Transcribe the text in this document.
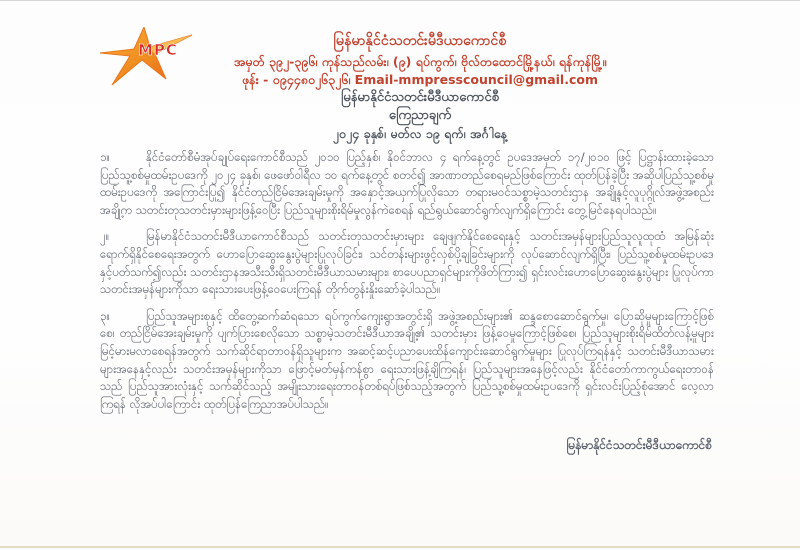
MPC	မြန်မာနိုင်ငံသတင်းမီဒီယာကောင်စီ
အမှတ် ၃၉၂-၃၉၆၊ ကုန်သည်လမ်း၊ (၉) ရပ်ကွက်၊ ဗိုလ်တထောင်မြို့နယ်၊ ရန်ကုန်မြို့။
ဖုန်း - ၀၉၄၄၈၀၂၆၃၂၆၊ Email-mmpresscouncil@gmail.com
မြန်မာနိုင်ငံသတင်းမီဒီယာကောင်စီ
ကြေညာချက်
၂၀၂၄ ခုနှစ်၊ မတ်လ ၁၉ ရက်၊ အင်္ဂါနေ့
၁။	နိုင်ငံတော်စီမံအုပ်ချုပ်ရေးကောင်စီသည် ၂၀၁၀ ပြည့်နှစ်၊ နိုဝင်ဘာလ ၄ ရက်နေ့တွင် ဥပဒေအမှတ် ၁၇/၂၀၁၀ ဖြင့် ပြဋ္ဌာန်းထားခဲ့သော ပြည်သူ့စစ်မှုထမ်းဥပဒေကို ၂၀၂၄ ခုနှစ်၊ ဖေဖော်ဝါရီလ ၁၀ ရက်နေ့တွင် စတင်၍ အာဏာတည်စေရမည်ဖြစ်ကြောင်း ထုတ်ပြန်ခဲ့ပြီး အဆိုပါပြည်သူ့စစ်မှုထမ်းဥပဒေကို အကြောင်းပြု၍ နိုင်ငံတည်ငြိမ်အေးချမ်းမှုကို အနှောင့်အယှက်ပြုလိုသော တရားမဝင်သစ္စာမဲ့သတင်းဌာန အချို့နှင့်လူပုဂ္ဂိုလ်အဖွဲ့အစည်းအချို့က သတင်းတုသတင်းမှားများဖြန့်ဝေပြီး ပြည်သူများစိုးရိမ်မှုလွန်ကဲစေရန် ရည်ရွယ်ဆောင်ရွက်လျက်ရှိကြောင်း တွေ့မြင်နေရပါသည်။
၂။	မြန်မာနိုင်ငံသတင်းမီဒီယာကောင်စီသည် သတင်းတုသတင်းမှားများ ချေဖျက်နိုင်စေရေးနှင့် သတင်းအမှန်များပြည်သူလူထုထံ အမြန်ဆုံးရောက်ရှိနိုင်စေရေးအတွက် ဟောပြောဆွေးနွေးပွဲများပြုလုပ်ခြင်း၊ သင်တန်းများဖွင့်လှစ်ပို့ချခြင်းများကို လုပ်ဆောင်လျက်ရှိပြီး၊ ပြည်သူ့စစ်မှုထမ်းဥပဒေနှင့်ပတ်သက်၍လည်း သတင်းဌာနအသီးသီးရှိသတင်းမီဒီယာသမားများ၊ စာပေပညာရှင်များကိုဖိတ်ကြား၍ ရှင်းလင်းဟောပြောဆွေးနွေးပွဲများ ပြုလုပ်ကာသတင်းအမှန်များကိုသာ ရေးသားပေးဖြန့်ဝေပေးကြရန် တိုက်တွန်းနှိုးဆော်ခဲ့ပါသည်။
၃။	ပြည်သူအများစုနှင့် ထိတွေ့ဆက်ဆံရသော ရပ်ကွက်ကျေးရွာအတွင်းရှိ အဖွဲ့အစည်းများ၏ ဆန္ဒစောဆောင်ရွက်မှု၊ ပြောဆိုမှုများကြောင့်ဖြစ်စေ၊ တည်ငြိမ်အေးချမ်းမှုကို ပျက်ပြားစေလိုသော သစ္စာမဲ့သတင်းမီဒီယာအချို့၏ သတင်းမှား ဖြန့်ဝေမှုကြောင့်ဖြစ်စေ၊ ပြည်သူများစိုးရိမ်ထိတ်လန့်မှုများ မြင့်မားမလာစေရန်အတွက် သက်ဆိုင်ရာတာဝန်ရှိသူများက အဆင့်ဆင့်ပညာပေးထိန်ကျောင်းဆောင်ရွက်မှုများ ပြုလုပ်ကြရန်နှင့် သတင်းမီဒီယာသမားများအနေနှင့်လည်း သတင်းအမှန်များကိုသာ ဖြောင့်မတ်မှန်ကန်စွာ ရေးသားဖြန့်ချိကြရန်၊ ပြည်သူများအနေဖြင့်လည်း နိုင်ငံတော်ကာကွယ်ရေးတာဝန်သည် ပြည်သူအားလုံးနှင့် သက်ဆိုင်သည့် အမျိုးသားရေးတာဝန်တစ်ရပ်ဖြစ်သည့်အတွက် ပြည်သူ့စစ်မှုထမ်းဥပဒေကို ရှင်းလင်းပြည့်စုံအောင် လေ့လာကြရန် လိုအပ်ပါကြောင်း ထုတ်ပြန်ကြေညာအပ်ပါသည်။
မြန်မာနိုင်ငံသတင်းမီဒီယာကောင်စီ
